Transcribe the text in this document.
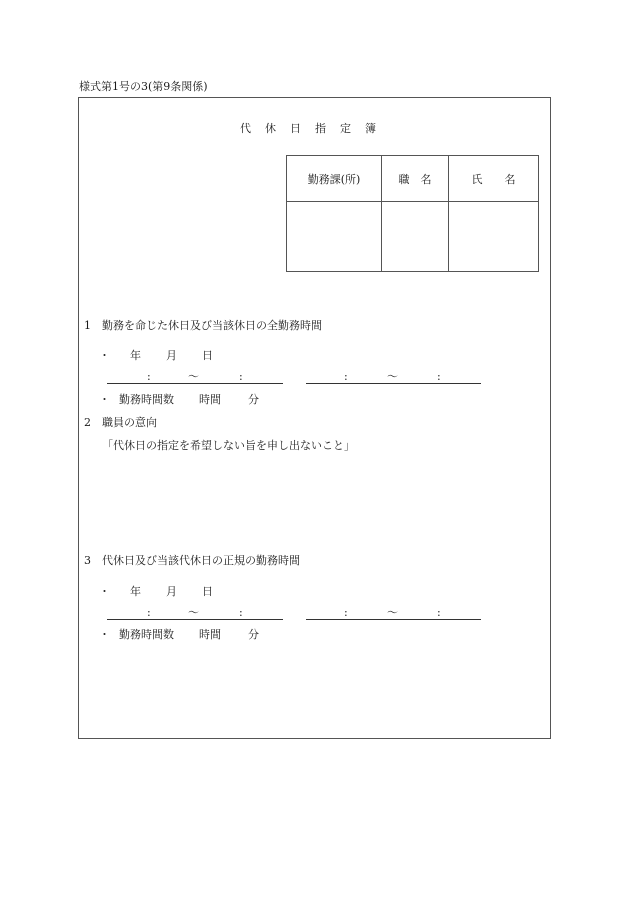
様式第1号の3(第9条関係)
代休日指定簿
勤務課(所)	職　名	氏　　名

1　勤務を命じた休日及び当該休日の全勤務時間
・ 年 月 日
:	〜	:	:	〜	:
・ 勤務時間数 時間 分
2　職員の意向
「代休日の指定を希望しない旨を申し出ないこと」
3　代休日及び当該代休日の正規の勤務時間
・ 年 月 日
:	〜	:	:	〜	:
・ 勤務時間数 時間 分
